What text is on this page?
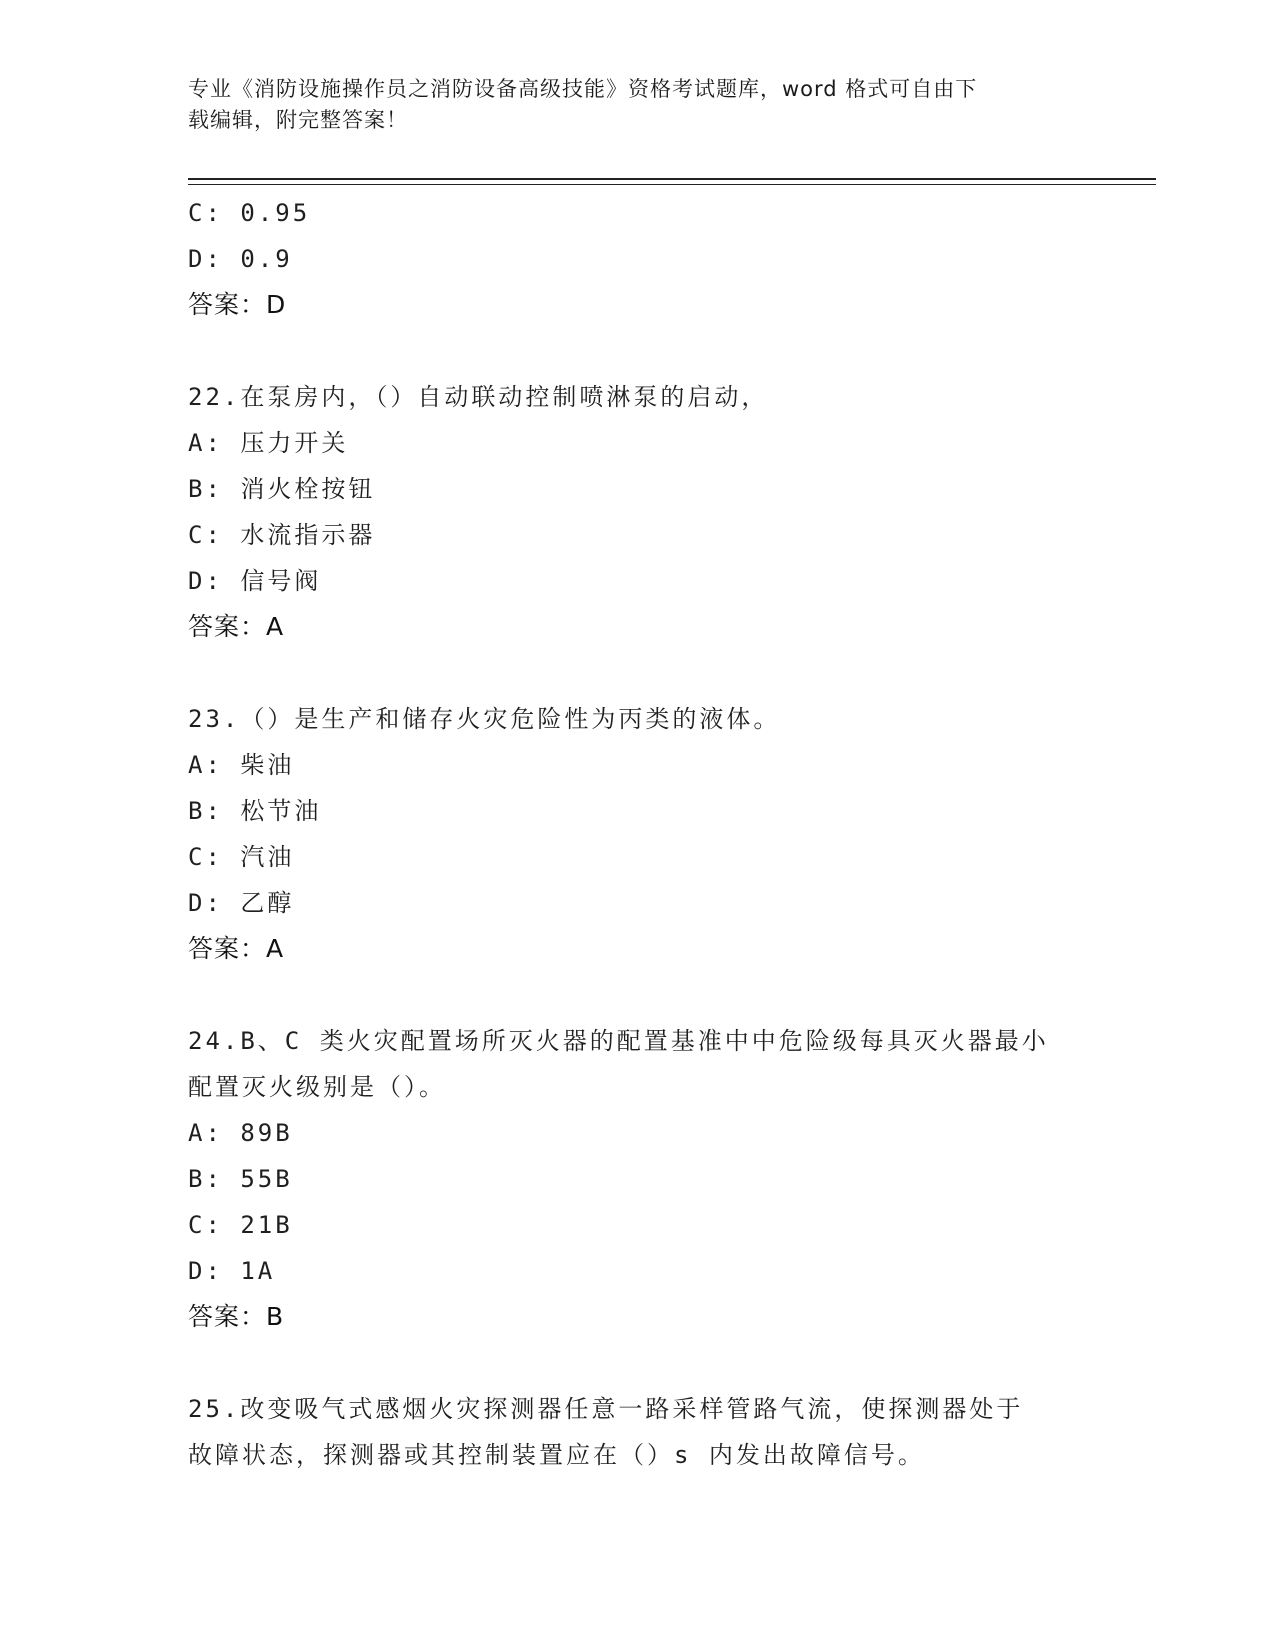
专业《消防设施操作员之消防设备高级技能》资格考试题库，word 格式可自由下
载编辑，附完整答案！
C: 0.95
D: 0.9
答案：D
22.在泵房内，（）自动联动控制喷淋泵的启动，
A: 压力开关
B: 消火栓按钮
C: 水流指示器
D: 信号阀
答案：A
23.（）是生产和储存火灾危险性为丙类的液体。
A: 柴油
B: 松节油
C: 汽油
D: 乙醇
答案：A
24.B、C 类火灾配置场所灭火器的配置基准中中危险级每具灭火器最小
配置灭火级别是（）。
A: 89B
B: 55B
C: 21B
D: 1A
答案：B
25.改变吸气式感烟火灾探测器任意一路采样管路气流，使探测器处于
故障状态，探测器或其控制装置应在（）s 内发出故障信号。
